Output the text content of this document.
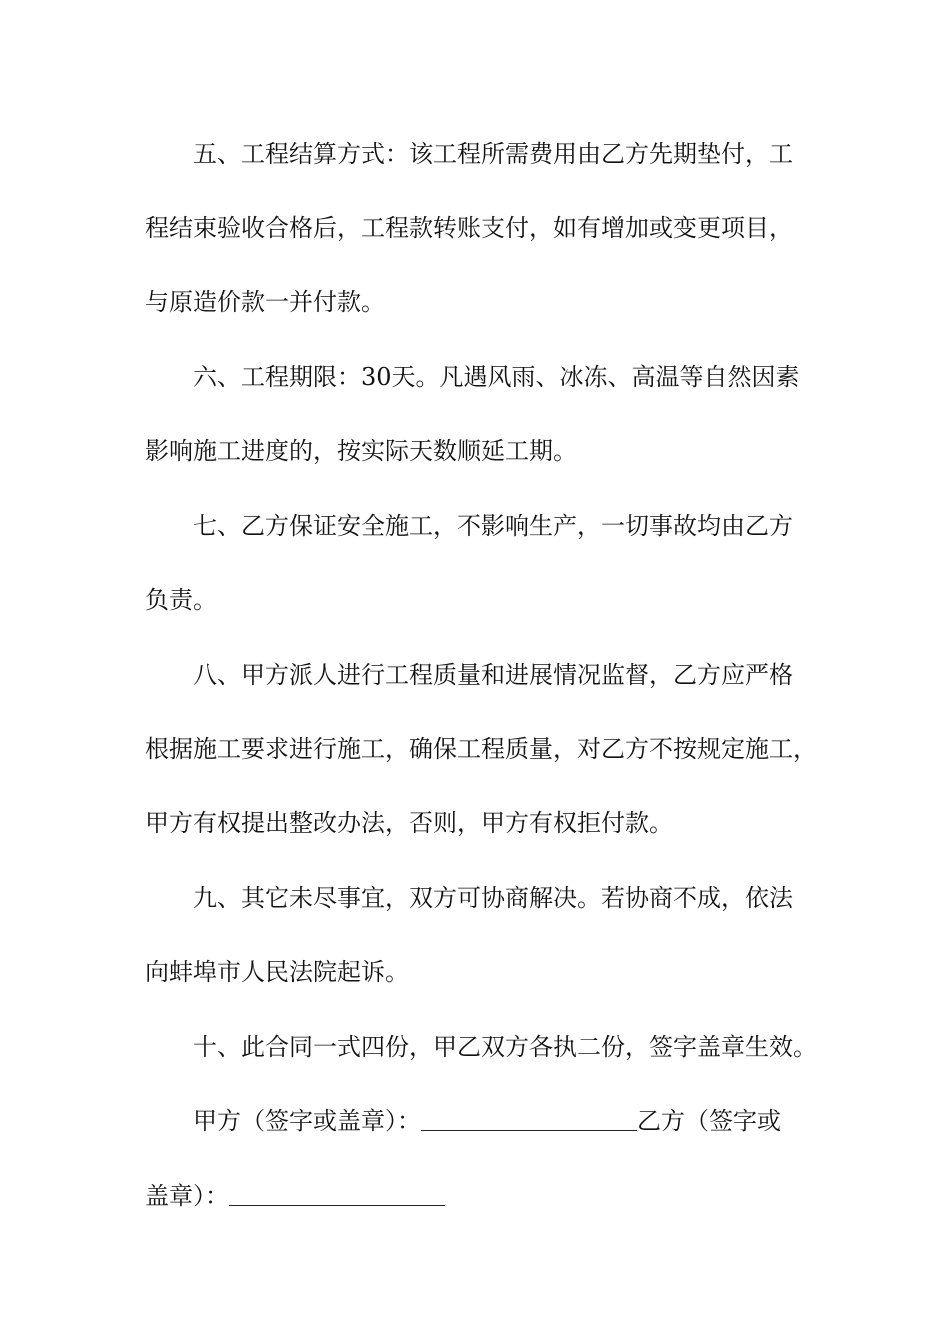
五、工程结算方式：该工程所需费用由乙方先期垫付，工
程结束验收合格后，工程款转账支付，如有增加或变更项目，
与原造价款一并付款。
六、工程期限：30天。凡遇风雨、冰冻、高温等自然因素
影响施工进度的，按实际天数顺延工期。
七、乙方保证安全施工，不影响生产，一切事故均由乙方
负责。
八、甲方派人进行工程质量和进展情况监督，乙方应严格
根据施工要求进行施工，确保工程质量，对乙方不按规定施工，
甲方有权提出整改办法，否则，甲方有权拒付款。
九、其它未尽事宜，双方可协商解决。若协商不成，依法
向蚌埠市人民法院起诉。
十、此合同一式四份，甲乙双方各执二份，签字盖章生效。
甲方（签字或盖章）：	乙方（签字或
盖章）：
